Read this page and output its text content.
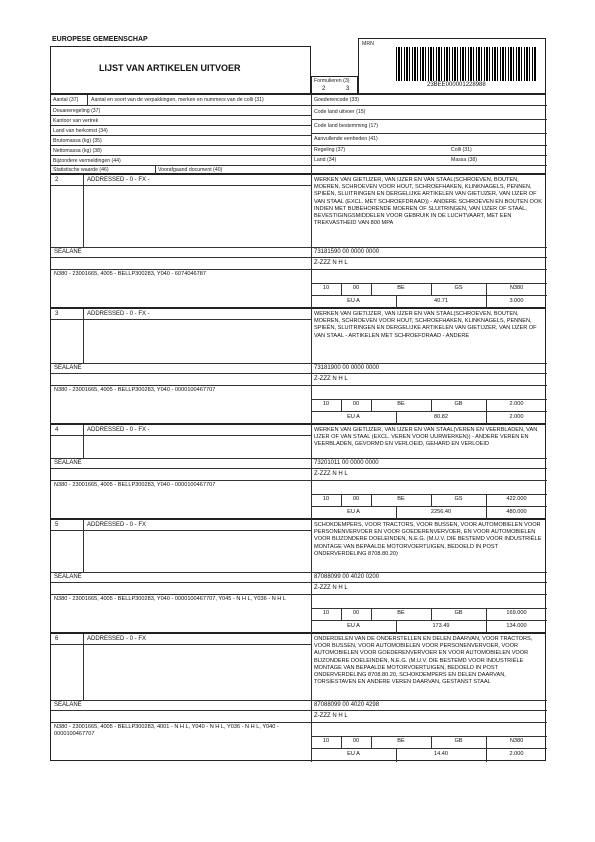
EUROPESE GEMEENSCHAP
LIJST VAN ARTIKELEN UITVOER
Formulieren (3)
2	3
MRN
23BEE000001228988
Aantal (37) Aantal en soort van de verpakkingen, merken en nummers van de colli (31)
Douaneregeling (37)
Kantoor van vertrek
Land van herkomst (34)
Brutomassa (kg) (35)
Nettomassa (kg) (38)
Bijzondere vermeldingen (44)
Statistische waarde (46)	Voorafgaand document (40)
Goederencode (33)
Code land uitvoer (15)
Code land bestemming (17)
Aanvullende eenheden (41)
Regeling (37)
Land (34)
Colli (31)
Massa (38)
2	ADDRESSED - 0 - FX -	WERKEN VAN GIETIJZER, VAN IJZER EN VAN STAAL(SCHROEVEN, BOUTEN, MOEREN, SCHROEVEN VOOR HOUT, SCHROEFHAKEN, KLINKNAGELS, PENNEN, SPIEËN, SLUITRINGEN EN DERGELIJKE ARTIKELEN VAN GIETIJZER, VAN IJZER OF VAN STAAL (EXCL. MET SCHROEFDRAAD)) - ANDERE SCHROEVEN EN BOUTEN OOK INDIEN MET BIJBEHORENDE MOEREN OF SLUITRINGEN, VAN IJZER OF STAAL, BEVESTIGINGSMIDDELEN VOOR GEBRUIK IN DE LUCHTVAART, MET EEN TREKVASTHEID VAN 800 MPA
SEALANE	73181590 00 0000 0000
Z-ZZZ N H L
N380 - 23001665, 4005 - BELLP300283, Y040 - 6074046787
10	00	BE	GS	N380
EU A	40.71	3.000
3	ADDRESSED - 0 - FX -	WERKEN VAN GIETIJZER, VAN IJZER EN VAN STAAL(SCHROEVEN, BOUTEN, MOEREN, SCHROEVEN VOOR HOUT, SCHROEFHAKEN, KLINKNAGELS, PENNEN, SPIEËN, SLUITRINGEN EN DERGELIJKE ARTIKELEN VAN GIETIJZER, VAN IJZER OF VAN STAAL - ARTIKELEN MET SCHROEFDRAAD - ANDERE
SEALANE	73181900 00 0000 0000
Z-ZZZ N H L
N380 - 23001665, 4005 - BELLP300283, Y040 - 0000100467707
10	00	BE	GB	2.000
EU A	80.82	2.000
4	ADDRESSED - 0 - FX -	WERKEN VAN GIETIJZER, VAN IJZER EN VAN STAAL(VEREN EN VEERBLADEN, VAN IJZER OF VAN STAAL (EXCL. VEREN VOOR UURWERKEN)) - ANDERE VEREN EN VEERBLADEN, GEVORMD EN VERLOEID, GEHARD EN VERLOEID
SEALANE	73201011 00 0000 0000
Z-ZZZ N H L
N380 - 23001665, 4005 - BELLP300283, Y040 - 0000100467707
10	00	BE	GS	422.000
EU A	2256.40	480.000
5	ADDRESSED - 0 - FX	SCHOKDEMPERS, VOOR TRACTORS, VOOR BUSSEN, VOOR AUTOMOBIELEN VOOR PERSONENVERVOER EN VOOR GOEDERENVERVOER, EN VOOR AUTOMOBIELEN VOOR BIJZONDERE DOELEINDEN, N.E.G. (M.U.V. DIE BESTEMD VOOR INDUSTRIËLE MONTAGE VAN BEPAALDE MOTORVOERTUIGEN, BEDOELD IN POST ONDERVERDELING 8708.80.20)
SEALANE	87088099 00 4020 0200
Z-ZZZ N H L
N380 - 23001665, 4005 - BELLP300283, Y040 - 0000100467707, Y045 - N H L, Y036 - N H L
10	00	BE	GB	169.000
EU A	173.49	134.000
6	ADDRESSED - 0 - FX	ONDERDELEN VAN DE ONDERSTELLEN EN DELEN DAARVAN, VOOR TRACTORS, VOOR BUSSEN, VOOR AUTOMOBIELEN VOOR PERSONENVERVOER, VOOR AUTOMOBIELEN VOOR GOEDERENVERVOER EN VOOR AUTOMOBIELEN VOOR BIJZONDERE DOELEINDEN, N.E.G. (M.U.V. DIE BESTEMD VOOR INDUSTRIËLE MONTAGE VAN BEPAALDE MOTORVOERTUIGEN, BEDOELD IN POST ONDERVERDELING 8708.80.20, SCHOKDEMPERS EN DELEN DAARVAN, TORSIESTAVEN EN ANDERE VEREN DAARVAN, GESTANST STAAL
SEALANE	87088099 00 4020 4298
Z-ZZZ N H L
N380 - 23001665, 4005 - BELLP300283, 4001 - N H L, Y040 - N H L, Y036 - N H L, Y040 - 0000100467707
10	00	BE	GB	N380
EU A	14.40	2.000
